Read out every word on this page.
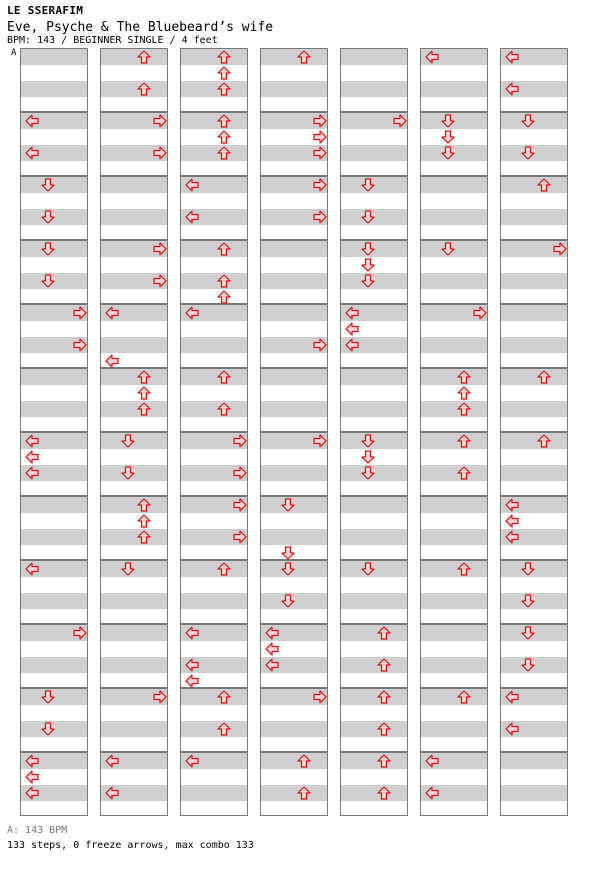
LE SSERAFIM
Eve, Psyche & The Bluebeard’s wife
BPM: 143 / BEGINNER SINGLE / 4 feet
A
A: 143 BPM
133 steps, 0 freeze arrows, max combo 133
